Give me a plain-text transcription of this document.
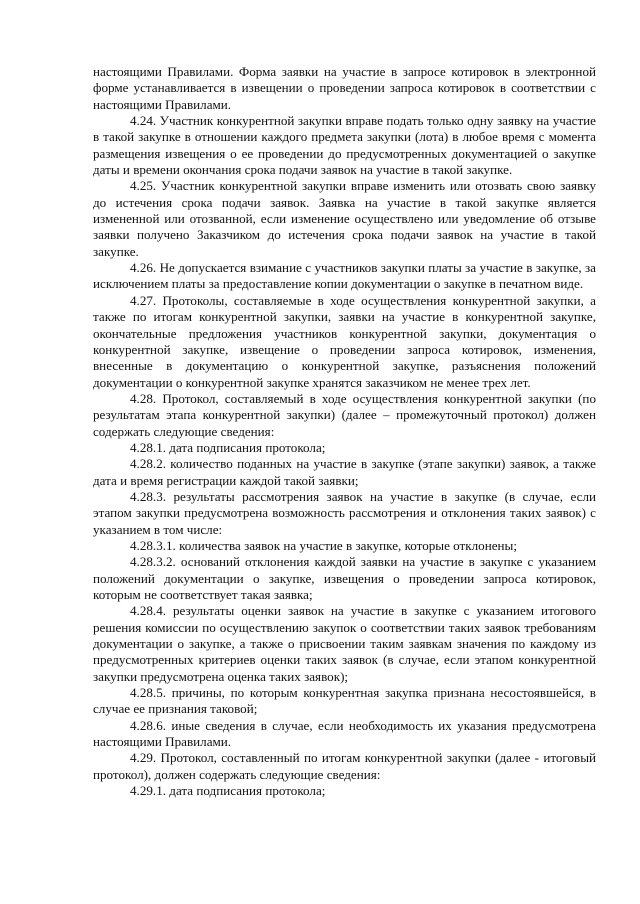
настоящими Правилами. Форма заявки на участие в запросе котировок в электронной форме устанавливается в извещении о проведении запроса котировок в соответствии с настоящими Правилами.

4.24. Участник конкурентной закупки вправе подать только одну заявку на участие в такой закупке в отношении каждого предмета закупки (лота) в любое время с момента размещения извещения о ее проведении до предусмотренных документацией о закупке даты и времени окончания срока подачи заявок на участие в такой закупке.

4.25. Участник конкурентной закупки вправе изменить или отозвать свою заявку до истечения срока подачи заявок. Заявка на участие в такой закупке является измененной или отозванной, если изменение осуществлено или уведомление об отзыве заявки получено Заказчиком до истечения срока подачи заявок на участие в такой закупке.

4.26. Не допускается взимание с участников закупки платы за участие в закупке, за исключением платы за предоставление копии документации о закупке в печатном виде.

4.27. Протоколы, составляемые в ходе осуществления конкурентной закупки, а также по итогам конкурентной закупки, заявки на участие в конкурентной закупке, окончательные предложения участников конкурентной закупки, документация о конкурентной закупке, извещение о проведении запроса котировок, изменения, внесенные в документацию о конкурентной закупке, разъяснения положений документации о конкурентной закупке хранятся заказчиком не менее трех лет.

4.28. Протокол, составляемый в ходе осуществления конкурентной закупки (по результатам этапа конкурентной закупки) (далее – промежуточный протокол) должен содержать следующие сведения:

4.28.1. дата подписания протокола;

4.28.2. количество поданных на участие в закупке (этапе закупки) заявок, а также дата и время регистрации каждой такой заявки;

4.28.3. результаты рассмотрения заявок на участие в закупке (в случае, если этапом закупки предусмотрена возможность рассмотрения и отклонения таких заявок) с указанием в том числе:

4.28.3.1. количества заявок на участие в закупке, которые отклонены;

4.28.3.2. оснований отклонения каждой заявки на участие в закупке с указанием положений документации о закупке, извещения о проведении запроса котировок, которым не соответствует такая заявка;

4.28.4. результаты оценки заявок на участие в закупке с указанием итогового решения комиссии по осуществлению закупок о соответствии таких заявок требованиям документации о закупке, а также о присвоении таким заявкам значения по каждому из предусмотренных критериев оценки таких заявок (в случае, если этапом конкурентной закупки предусмотрена оценка таких заявок);

4.28.5. причины, по которым конкурентная закупка признана несостоявшейся, в случае ее признания таковой;

4.28.6. иные сведения в случае, если необходимость их указания предусмотрена настоящими Правилами.

4.29. Протокол, составленный по итогам конкурентной закупки (далее - итоговый протокол), должен содержать следующие сведения:

4.29.1. дата подписания протокола;
